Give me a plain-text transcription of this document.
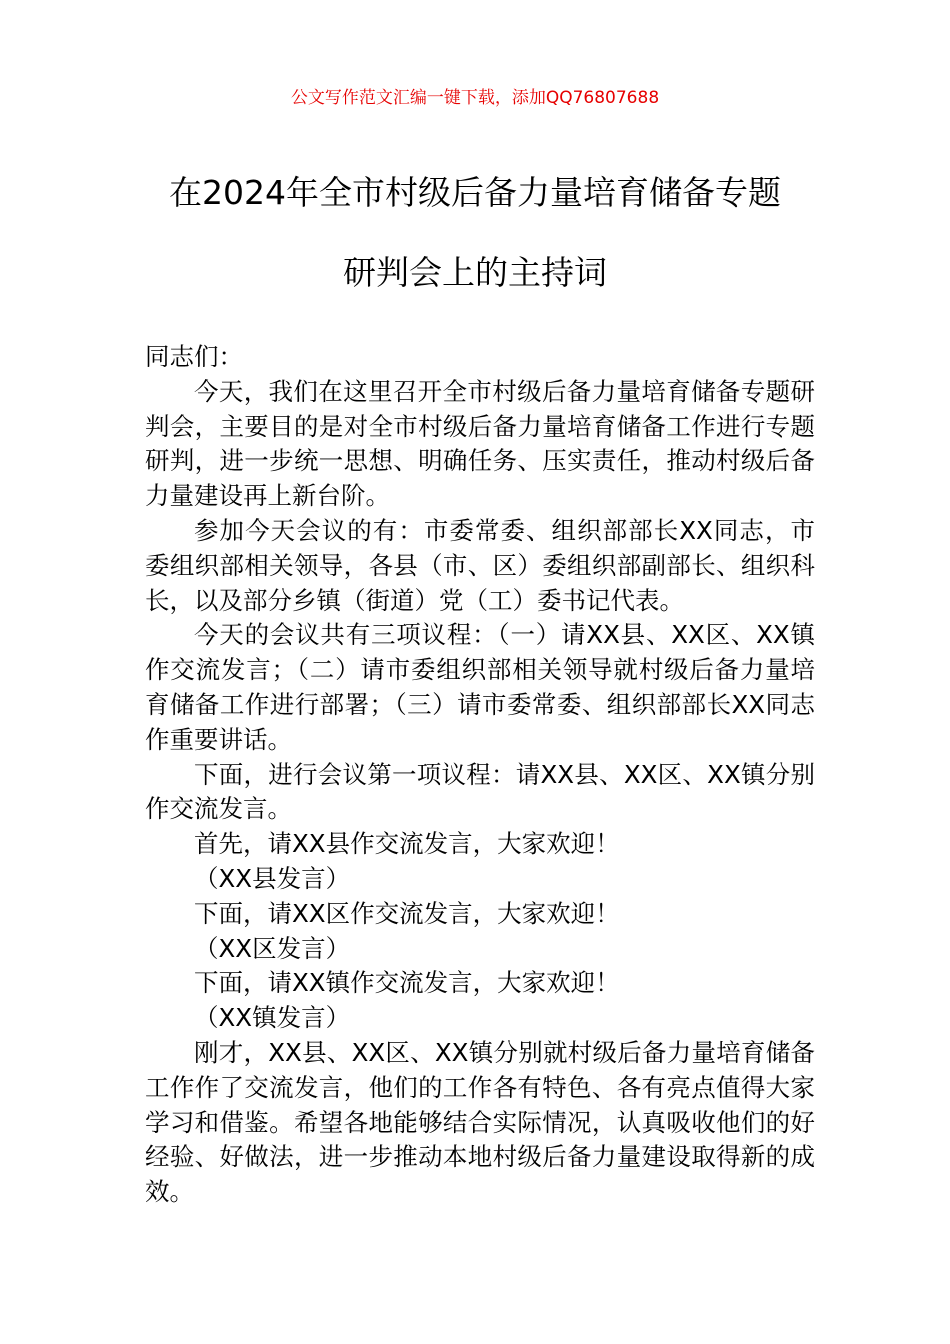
公文写作范文汇编一键下载，添加QQ76807688
在2024年全市村级后备力量培育储备专题
研判会上的主持词

同志们：

今天，我们在这里召开全市村级后备力量培育储备专题研判会，主要目的是对全市村级后备力量培育储备工作进行专题研判，进一步统一思想、明确任务、压实责任，推动村级后备力量建设再上新台阶。

参加今天会议的有：市委常委、组织部部长XX同志，市委组织部相关领导，各县（市、区）委组织部副部长、组织科长，以及部分乡镇（街道）党（工）委书记代表。

今天的会议共有三项议程：（一）请XX县、XX区、XX镇作交流发言；（二）请市委组织部相关领导就村级后备力量培育储备工作进行部署；（三）请市委常委、组织部部长XX同志作重要讲话。

下面，进行会议第一项议程：请XX县、XX区、XX镇分别作交流发言。

首先，请XX县作交流发言，大家欢迎！

（XX县发言）

下面，请XX区作交流发言，大家欢迎！

（XX区发言）

下面，请XX镇作交流发言，大家欢迎！

（XX镇发言）

刚才，XX县、XX区、XX镇分别就村级后备力量培育储备工作作了交流发言，他们的工作各有特色、各有亮点值得大家学习和借鉴。希望各地能够结合实际情况，认真吸收他们的好经验、好做法，进一步推动本地村级后备力量建设取得新的成效。
